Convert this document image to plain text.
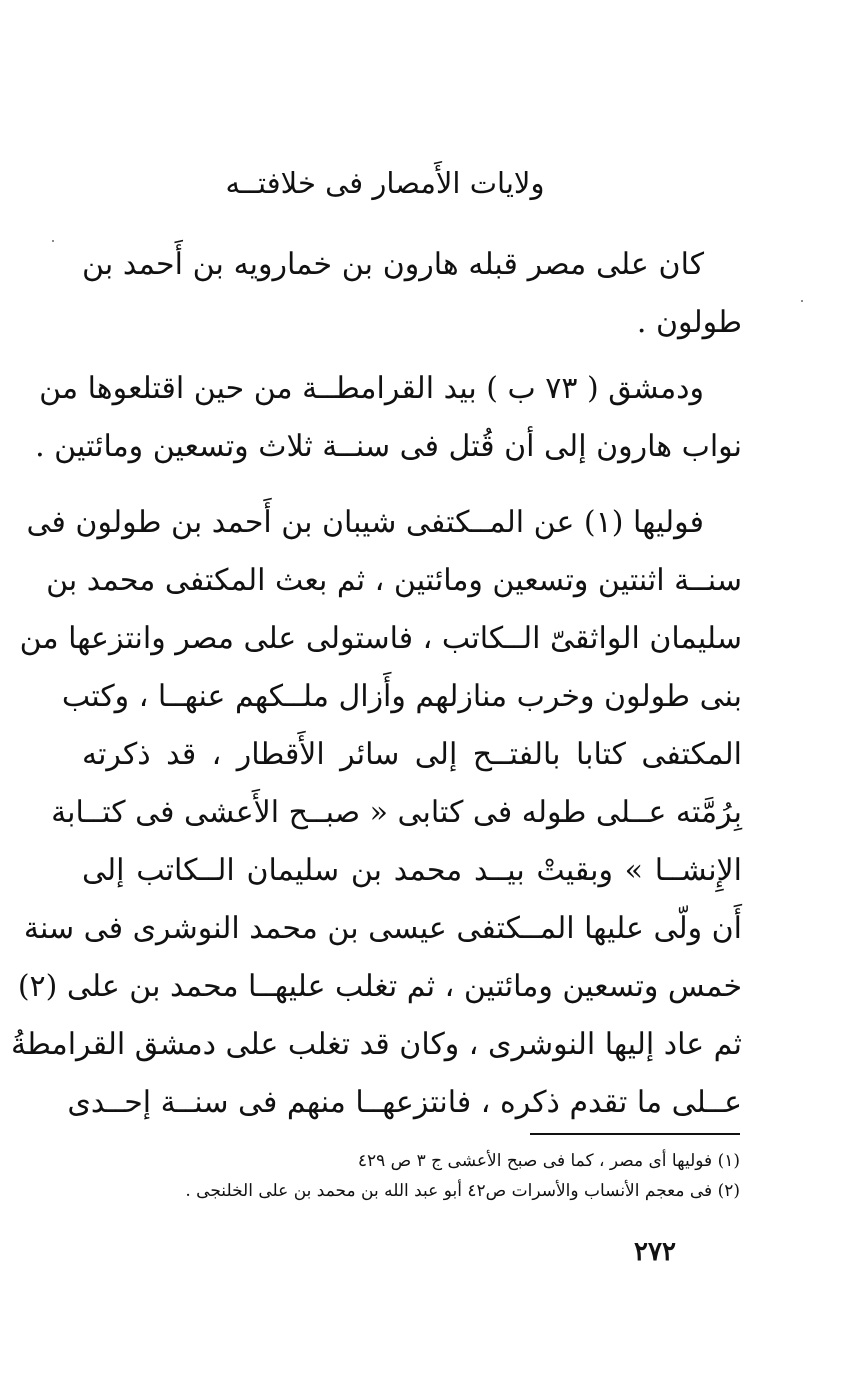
ولايات الأَمصار فى خلافتــه
كان على مصر قبله هارون بن خمارويه بن أَحمد بن
طولون .
ودمشق ( ٧٣ ب ) بيد القرامطــة من حين اقتلعوها من
نواب هارون إلى أن قُتل فى سنــة ثلاث وتسعين ومائتين .
فوليها (١) عن المــكتفى شيبان بن أَحمد بن طولون فى
سنــة اثنتين وتسعين ومائتين ، ثم بعث المكتفى محمد بن
سليمان الواثقىّ الــكاتب ، فاستولى على مصر وانتزعها من
بنى طولون وخرب منازلهم وأَزال ملــكهم عنهــا ، وكتب
المكتفى كتابا بالفتــح إلى سائر الأَقطار ، قد ذكرته
بِرُمَّته عــلى طوله فى كتابى « صبــح الأَعشى فى كتــابة
الإِنشــا » وبقيتْ بيــد محمد بن سليمان الــكاتب إلى
أَن ولّى عليها المــكتفى عيسى بن محمد النوشرى فى سنة
خمس وتسعين ومائتين ، ثم تغلب عليهــا محمد بن على (٢)
ثم عاد إليها النوشرى ، وكان قد تغلب على دمشق القرامطةُ
عــلى ما تقدم ذكره ، فانتزعهــا منهم فى سنــة إحــدى
(١) فوليها أى مصر ، كما فى صبح الأعشى ج ٣ ص ٤٢٩
(٢) فى معجم الأنساب والأسرات ص٤٢ أبو عبد الله بن محمد بن على الخلنجى .
٢٧٢
